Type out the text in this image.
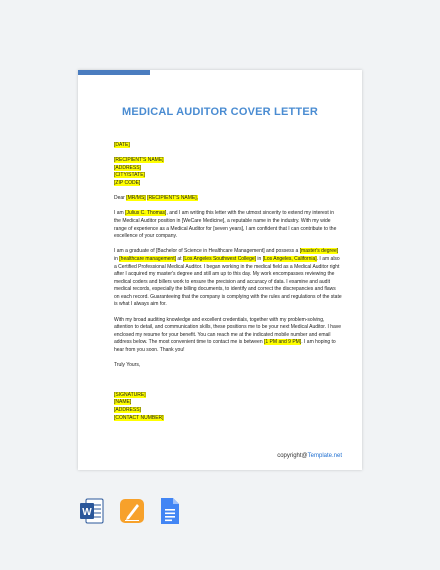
MEDICAL AUDITOR COVER LETTER
[DATE]
[RECIPIENT'S NAME]
[ADDRESS]
[CITY/STATE]
[ZIP CODE]
Dear [MR/MS] [RECIPIENT'S NAME],
I am [Julius C. Thomas], and I am writing this letter with the utmost sincerity to extend my interest in the Medical Auditor position in [WeCare Medicine], a reputable name in the industry. With my wide range of experience as a Medical Auditor for [seven years], I am confident that I can contribute to the excellence of your company.
I am a graduate of [Bachelor of Science in Healthcare Management] and possess a [master's degree] in [healthcare management] at [Los Angeles Southwest College] in [Los Angeles, California]. I am also a Certified Professional Medical Auditor. I began working in the medical field as a Medical Auditor right after I acquired my master's degree and still am up to this day. My work encompasses reviewing the medical coders and billers work to ensure the precision and accuracy of data. I examine and audit medical records, especially the billing documents, to identify and correct the discrepancies and flaws on each record. Guaranteeing that the company is complying with the rules and regulations of the state is what I always aim for.
With my broad auditing knowledge and excellent credentials, together with my problem-solving, attention to detail, and communication skills, these positions me to be your next Medical Auditor. I have enclosed my resume for your benefit. You can reach me at the indicated mobile number and email address below. The most convenient time to contact me is between [1 PM and 9 PM]. I am hoping to hear from you soon. Thank you!
Truly Yours,
[SIGNATURE]
[NAME]
[ADDRESS]
[CONTACT NUMBER]
copyright@Template.net
W
